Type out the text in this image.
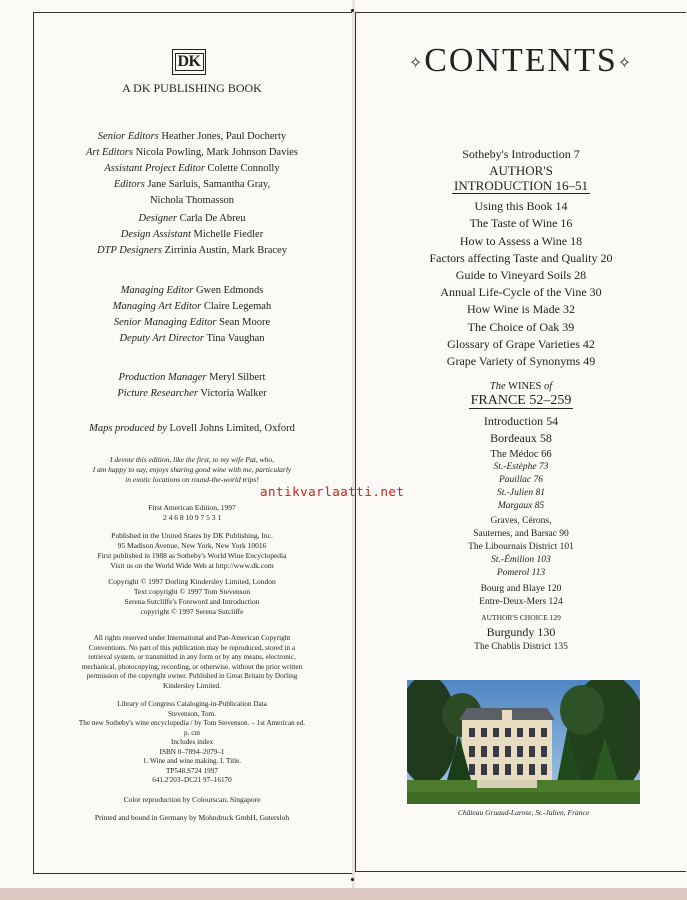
DK
A DK PUBLISHING BOOK
Senior Editors Heather Jones, Paul Docherty
Art Editors Nicola Powling, Mark Johnson Davies
Assistant Project Editor Colette Connolly
Editors Jane Sarluis, Samantha Gray,
Nichola Thomasson
Designer Carla De Abreu
Design Assistant Michelle Fiedler
DTP Designers Zirrinia Austin, Mark Bracey
Managing Editor Gwen Edmonds
Managing Art Editor Claire Legemah
Senior Managing Editor Sean Moore
Deputy Art Director Tina Vaughan
Production Manager Meryl Silbert
Picture Researcher Victoria Walker
Maps produced by Lovell Johns Limited, Oxford
I devote this edition, like the first, to my wife Pat, who,
I am happy to say, enjoys sharing good wine with me, particularly
in exotic locations on round-the-world trips!
First American Edition, 1997
2 4 6 8 10 9 7 5 3 1
Published in the United States by DK Publishing, Inc.
95 Madison Avenue, New York, New York 10016
First published in 1988 as Sotheby's World Wine Encyclopedia
Visit us on the World Wide Web at http://www.dk.com
Copyright © 1997 Dorling Kindersley Limited, London
Text copyright © 1997 Tom Stevenson
Serena Sutcliffe's Foreword and Introduction
copyright © 1997 Serena Sutcliffe
All rights reserved under International and Pan-American Copyright
Conventions. No part of this publication may be reproduced, stored in a
retrieval system, or transmitted in any form or by any means, electronic,
mechanical, photocopying, recording, or otherwise, without the prior written
permission of the copyright owner. Published in Great Britain by Dorling
Kindersley Limited.
Library of Congress Cataloging-in-Publication Data
Stevenson, Tom.
The new Sotheby's wine encyclopedia / by Tom Stevenson. – 1st American ed.
p. cm
Includes index
ISBN 0–7894–2079–1
1. Wine and wine making. I. Title.
TP548.S724 1997
641.2'203–DC21 97–16170
Color reproduction by Colourscan, Singapore
Printed and bound in Germany by Mohndruck GmbH, Gutersloh
✧CONTENTS✧
Sotheby's Introduction 7
AUTHOR'S
INTRODUCTION 16–51
Using this Book 14
The Taste of Wine 16
How to Assess a Wine 18
Factors affecting Taste and Quality 20
Guide to Vineyard Soils 28
Annual Life-Cycle of the Vine 30
How Wine is Made 32
The Choice of Oak 39
Glossary of Grape Varieties 42
Grape Variety of Synonyms 49
The WINES of
FRANCE 52–259
Introduction 54
Bordeaux 58
The Médoc 66
St.-Estèphe 73
Pauillac 76
St.-Julien 81
Margaux 85
Graves, Cérons,
Sauternes, and Barsac 90
The Libournais District 101
St.-Émilion 103
Pomerol 113
Bourg and Blaye 120
Entre-Deux-Mers 124
AUTHOR'S CHOICE 129
Burgundy 130
The Chablis District 135
Château Gruaud-Larose, St.-Julien, France
antikvarlaatti.net
